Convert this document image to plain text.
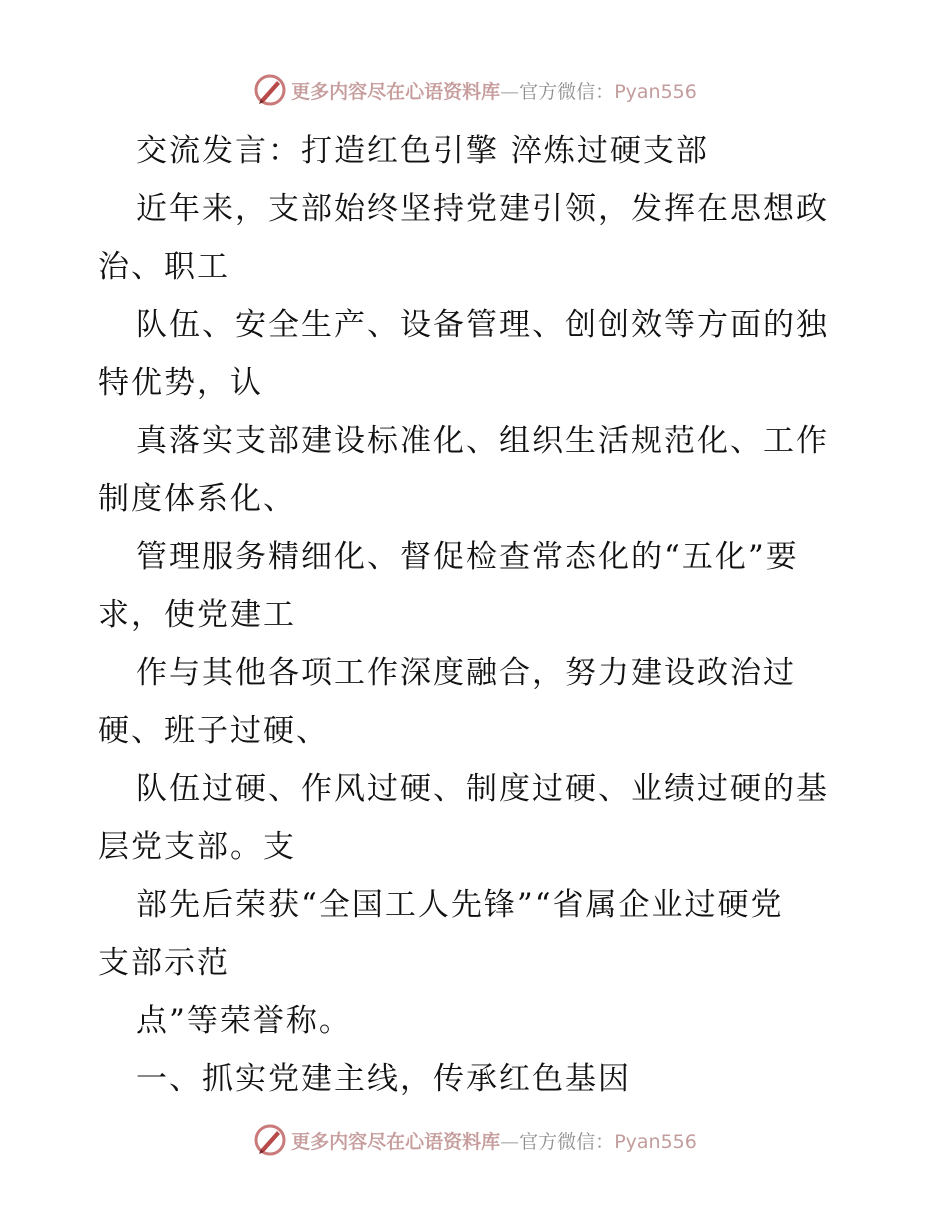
更多内容尽在心语资料库—官方微信：Pyan556
交流发言：打造红色引擎 淬炼过硬支部
近年来，支部始终坚持党建引领，发挥在思想政
治、职工
队伍、安全生产、设备管理、创创效等方面的独
特优势，认
真落实支部建设标准化、组织生活规范化、工作
制度体系化、
管理服务精细化、督促检查常态化的“五化”要
求，使党建工
作与其他各项工作深度融合，努力建设政治过
硬、班子过硬、
队伍过硬、作风过硬、制度过硬、业绩过硬的基
层党支部。支
部先后荣获“全国工人先锋”“省属企业过硬党
支部示范
点”等荣誉称。
一、抓实党建主线，传承红色基因
更多内容尽在心语资料库—官方微信：Pyan556
